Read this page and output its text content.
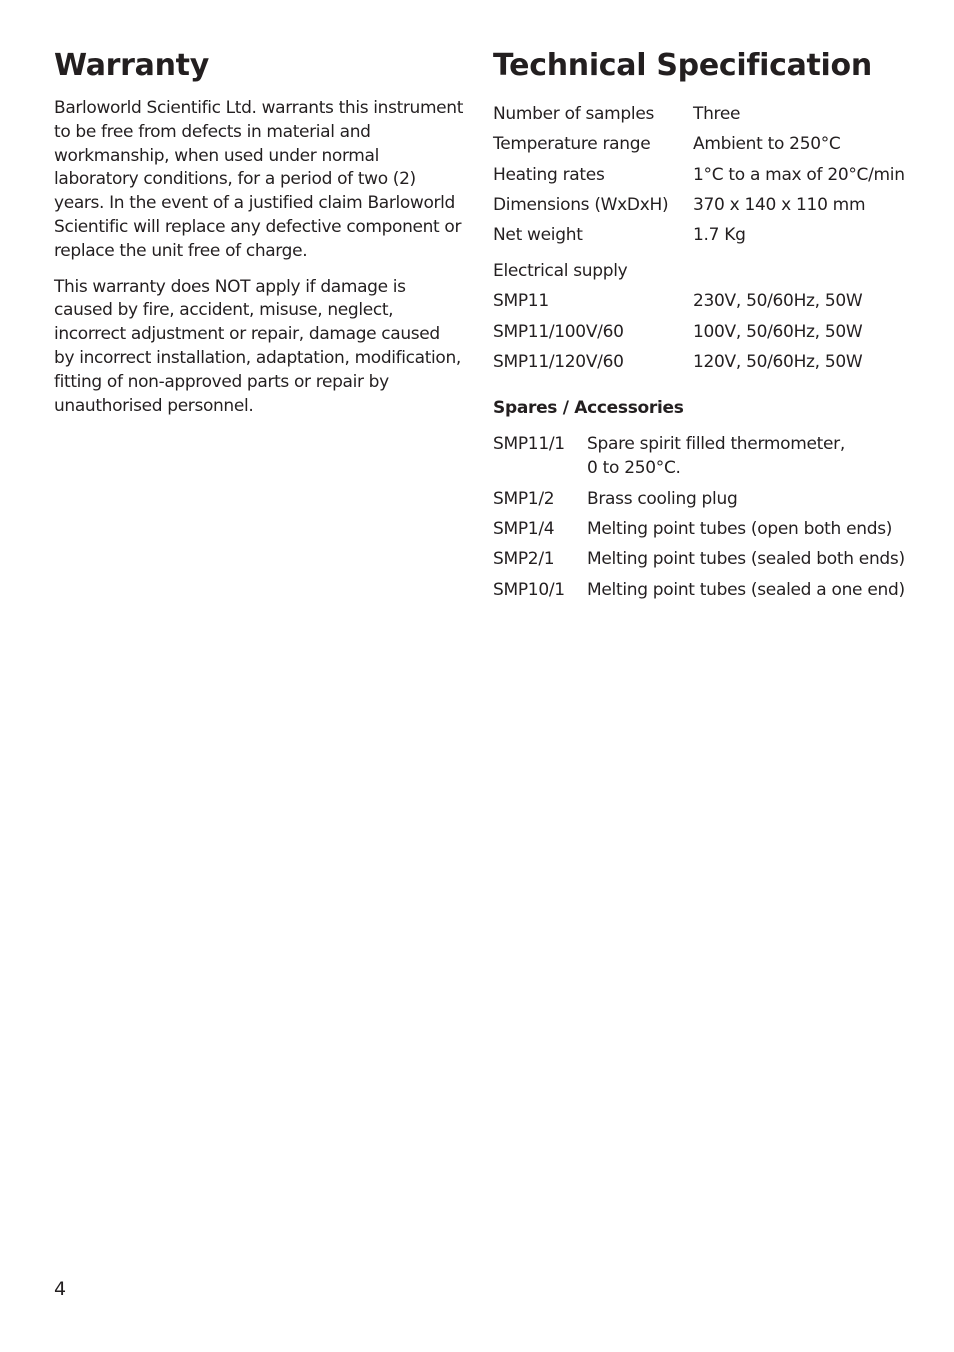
Warranty

Barloworld Scientific Ltd. warrants this instrument to be free from defects in material and workmanship, when used under normal laboratory conditions, for a period of two (2) years. In the event of a justified claim Barloworld Scientific will replace any defective component or replace the unit free of charge.

This warranty does NOT apply if damage is caused by fire, accident, misuse, neglect, incorrect adjustment or repair, damage caused by incorrect installation, adaptation, modification, fitting of non-approved parts or repair by unauthorised personnel.

Technical Specification
Number of samples	Three
Temperature range	Ambient to 250°C
Heating rates	1°C to a max of 20°C/min
Dimensions (WxDxH)	370 x 140 x 110 mm
Net weight	1.7 Kg
Electrical supply
SMP11	230V, 50/60Hz, 50W
SMP11/100V/60	100V, 50/60Hz, 50W
SMP11/120V/60	120V, 50/60Hz, 50W
Spares / Accessories
SMP11/1	Spare spirit filled thermometer,
0 to 250°C.

SMP1/2	Brass cooling plug
SMP1/4	Melting point tubes (open both ends)
SMP2/1	Melting point tubes (sealed both ends)
SMP10/1	Melting point tubes (sealed a one end)
4
